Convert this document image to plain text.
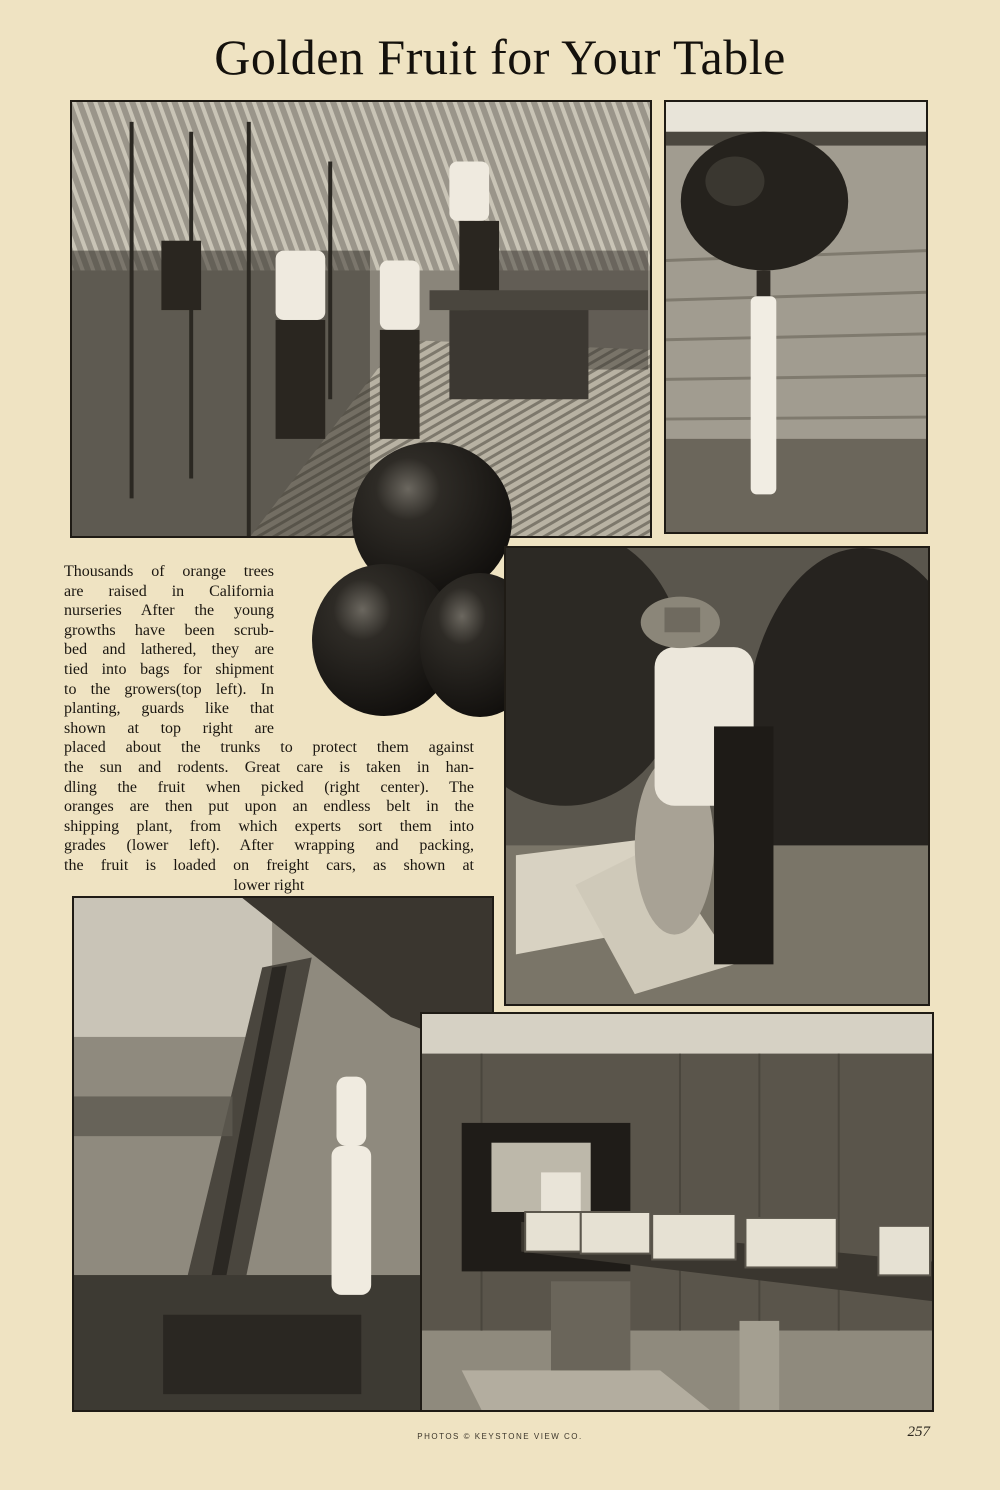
Golden Fruit for Your Table
Thousands of orange trees
are raised in California
nurseries After the young
growths have been scrub-
bed and lathered, they are
tied into bags for shipment
to the growers(top left). In
planting, guards like that
shown at top right are
placed about the trunks to protect them against
the sun and rodents. Great care is taken in han-
dling the fruit when picked (right center). The
oranges are then put upon an endless belt in the
shipping plant, from which experts sort them into
grades (lower left). After wrapping and packing,
the fruit is loaded on freight cars, as shown at
lower right
PHOTOS © KEYSTONE VIEW CO.	257
